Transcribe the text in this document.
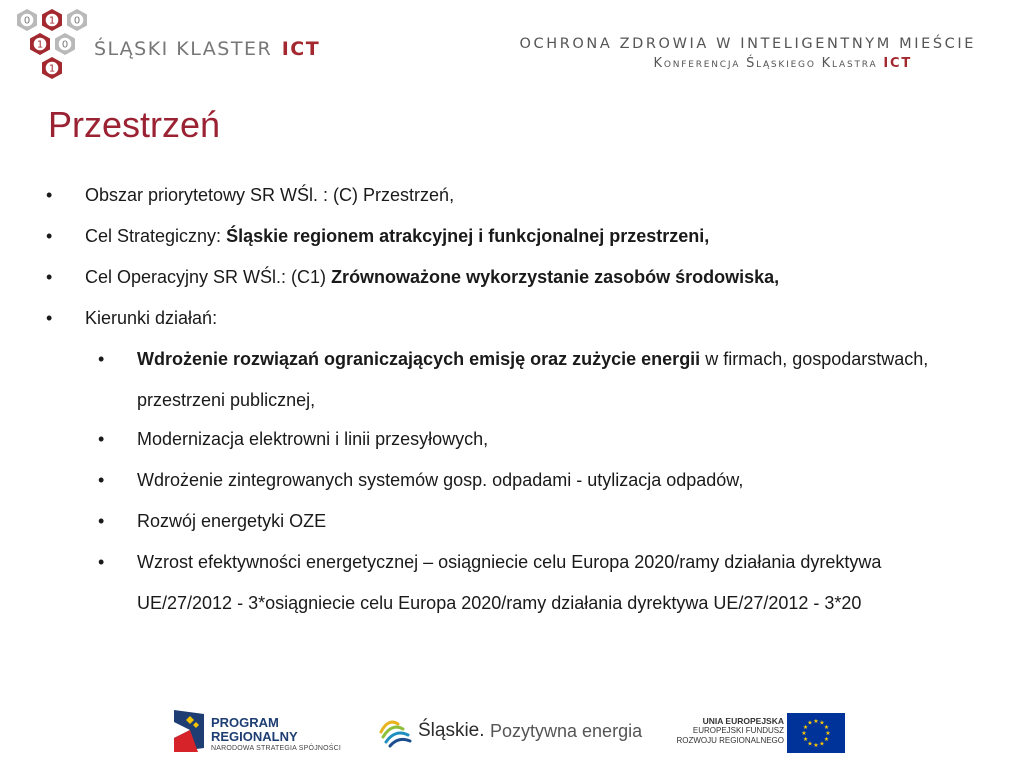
0 1 0
1 0
1
ŚLĄSKI KLASTER ICT	OCHRONA ZDROWIA W INTELIGENTNYM MIEŚCIE
Konferencja Śląskiego Klastra ICT
Przestrzeń
• Obszar priorytetowy SR WŚl. : (C) Przestrzeń,
• Cel Strategiczny: Śląskie regionem atrakcyjnej i funkcjonalnej przestrzeni,
• Cel Operacyjny SR WŚl.: (C1) Zrównoważone wykorzystanie zasobów środowiska,
• Kierunki działań:
• Wdrożenie rozwiązań ograniczających emisję oraz zużycie energii w firmach, gospodarstwach, przestrzeni publicznej,
• Modernizacja elektrowni i linii przesyłowych,
• Wdrożenie zintegrowanych systemów gosp. odpadami - utylizacja odpadów,
• Rozwój energetyki OZE
• Wzrost efektywności energetycznej – osiągniecie celu Europa 2020/ramy działania dyrektywa UE/27/2012 - 3*osiągniecie celu Europa 2020/ramy działania dyrektywa UE/27/2012 - 3*20
PROGRAM
REGIONALNY
NARODOWA STRATEGIA SPÓJNOŚCI
Śląskie. Pozytywna energia	UNIA EUROPEJSKA
EUROPEJSKI FUNDUSZ
ROZWOJU REGIONALNEGO
★ ★
★
★
★
★
★
★
★
★
★
★
